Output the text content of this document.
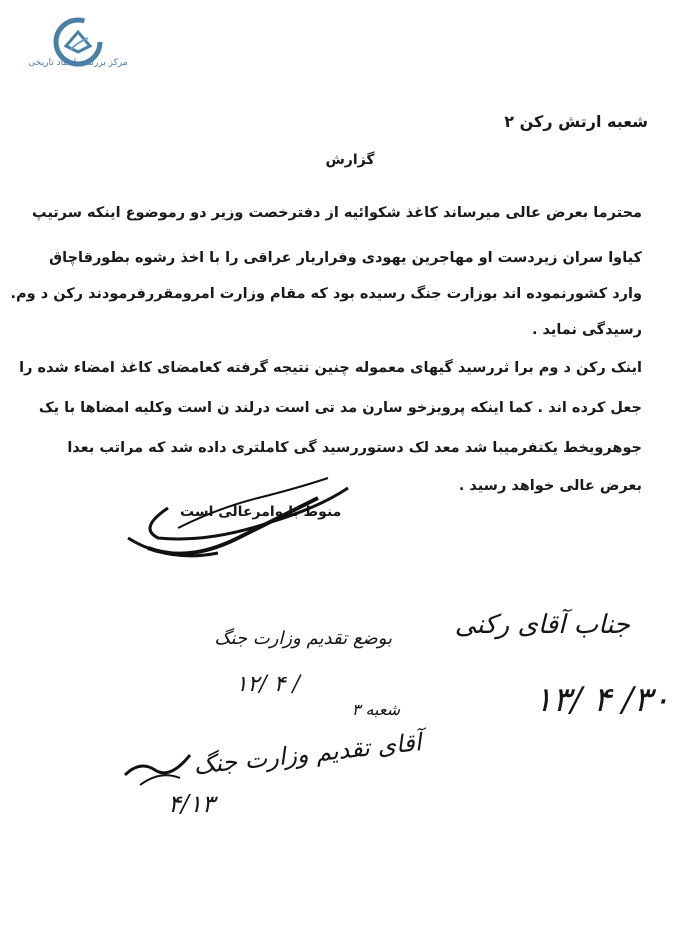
مرکز بررسی اسناد تاریخی
شعبه ارتش رکن ۲
گزارش
محترما بعرض عالی میرساند کاغذ شکوائیه از دفترخصت وزیر دو رموضوع اینکه سرتیپ
کیاوا سران زیردست او مهاجرین یهودی وفراریار عراقی را با اخذ رشوه بطورقاچاق
وارد کشورنموده اند بوزارت جنگ رسیده بود که مقام وزارت امرومقررفرمودند رکن د وم.
رسیدگی نماید .
اینک رکن د وم برا ثررسید گیهای معموله چنین نتیجه گرفته کعامضای کاغذ امضاء شده را
جعل کرده اند . کما اینکه پرویزخو سارن مد تی است درلند ن است وکلیه امضاها با یک
جوهرویخط یکنفرمیبا شد معد لک دستوررسید گی کاملتری داده شد که مراتب بعدا
بعرض عالی خواهد رسید .
منوط با وامرعالی است
جناب آقای رکنی
۱۳/ ۴ /۳۰
بوضع تقدیم وزارت جنگ
۱۲/ ۴ /
شعبه ۳
آقای تقدیم وزارت جنگ
۴/۱۳
